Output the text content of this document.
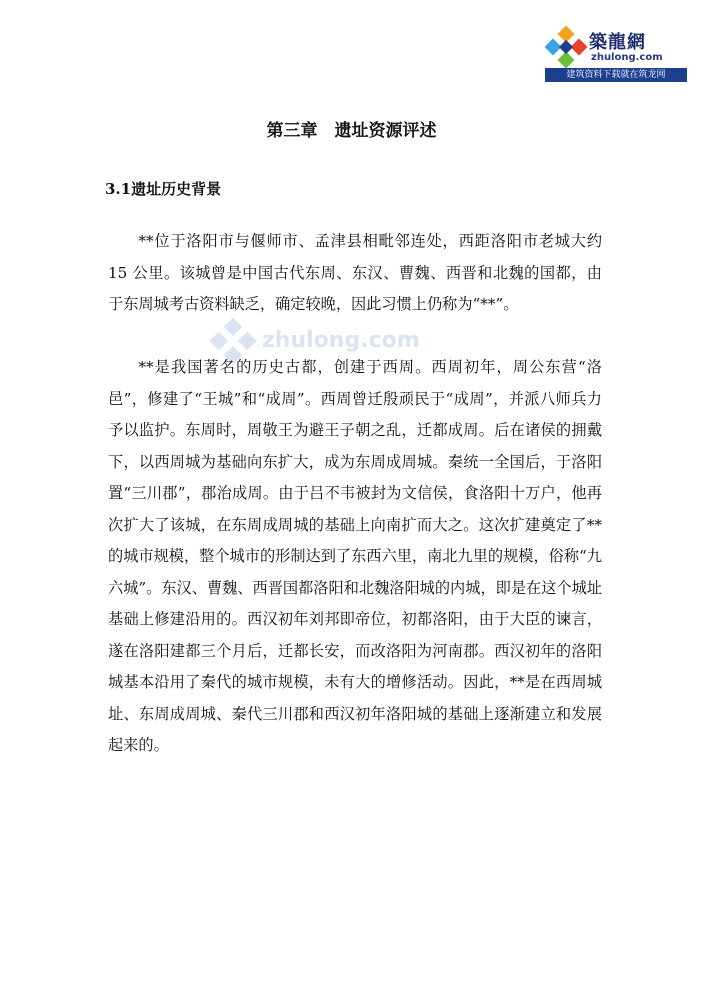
築龍網
zhulong.com
建筑资料下载就在筑龙网
zhulong.com
第三章　遗址资源评述
3.1遗址历史背景

**位于洛阳市与偃师市、孟津县相毗邻连处，西距洛阳市老城大约 15 公里。该城曾是中国古代东周、东汉、曹魏、西晋和北魏的国都，由于东周城考古资料缺乏，确定较晚，因此习惯上仍称为“**”。

**是我国著名的历史古都，创建于西周。西周初年，周公东营“洛邑”，修建了“王城”和“成周”。西周曾迁殷顽民于“成周”，并派八师兵力予以监护。东周时，周敬王为避王子朝之乱，迁都成周。后在诸侯的拥戴下，以西周城为基础向东扩大，成为东周成周城。秦统一全国后，于洛阳置“三川郡”，郡治成周。由于吕不韦被封为文信侯，食洛阳十万户，他再次扩大了该城，在东周成周城的基础上向南扩而大之。这次扩建奠定了**的城市规模，整个城市的形制达到了东西六里，南北九里的规模，俗称“九六城”。东汉、曹魏、西晋国都洛阳和北魏洛阳城的内城，即是在这个城址基础上修建沿用的。西汉初年刘邦即帝位，初都洛阳，由于大臣的谏言，遂在洛阳建都三个月后，迁都长安，而改洛阳为河南郡。西汉初年的洛阳城基本沿用了秦代的城市规模，未有大的增修活动。因此，**是在西周城址、东周成周城、秦代三川郡和西汉初年洛阳城的基础上逐渐建立和发展起来的。
